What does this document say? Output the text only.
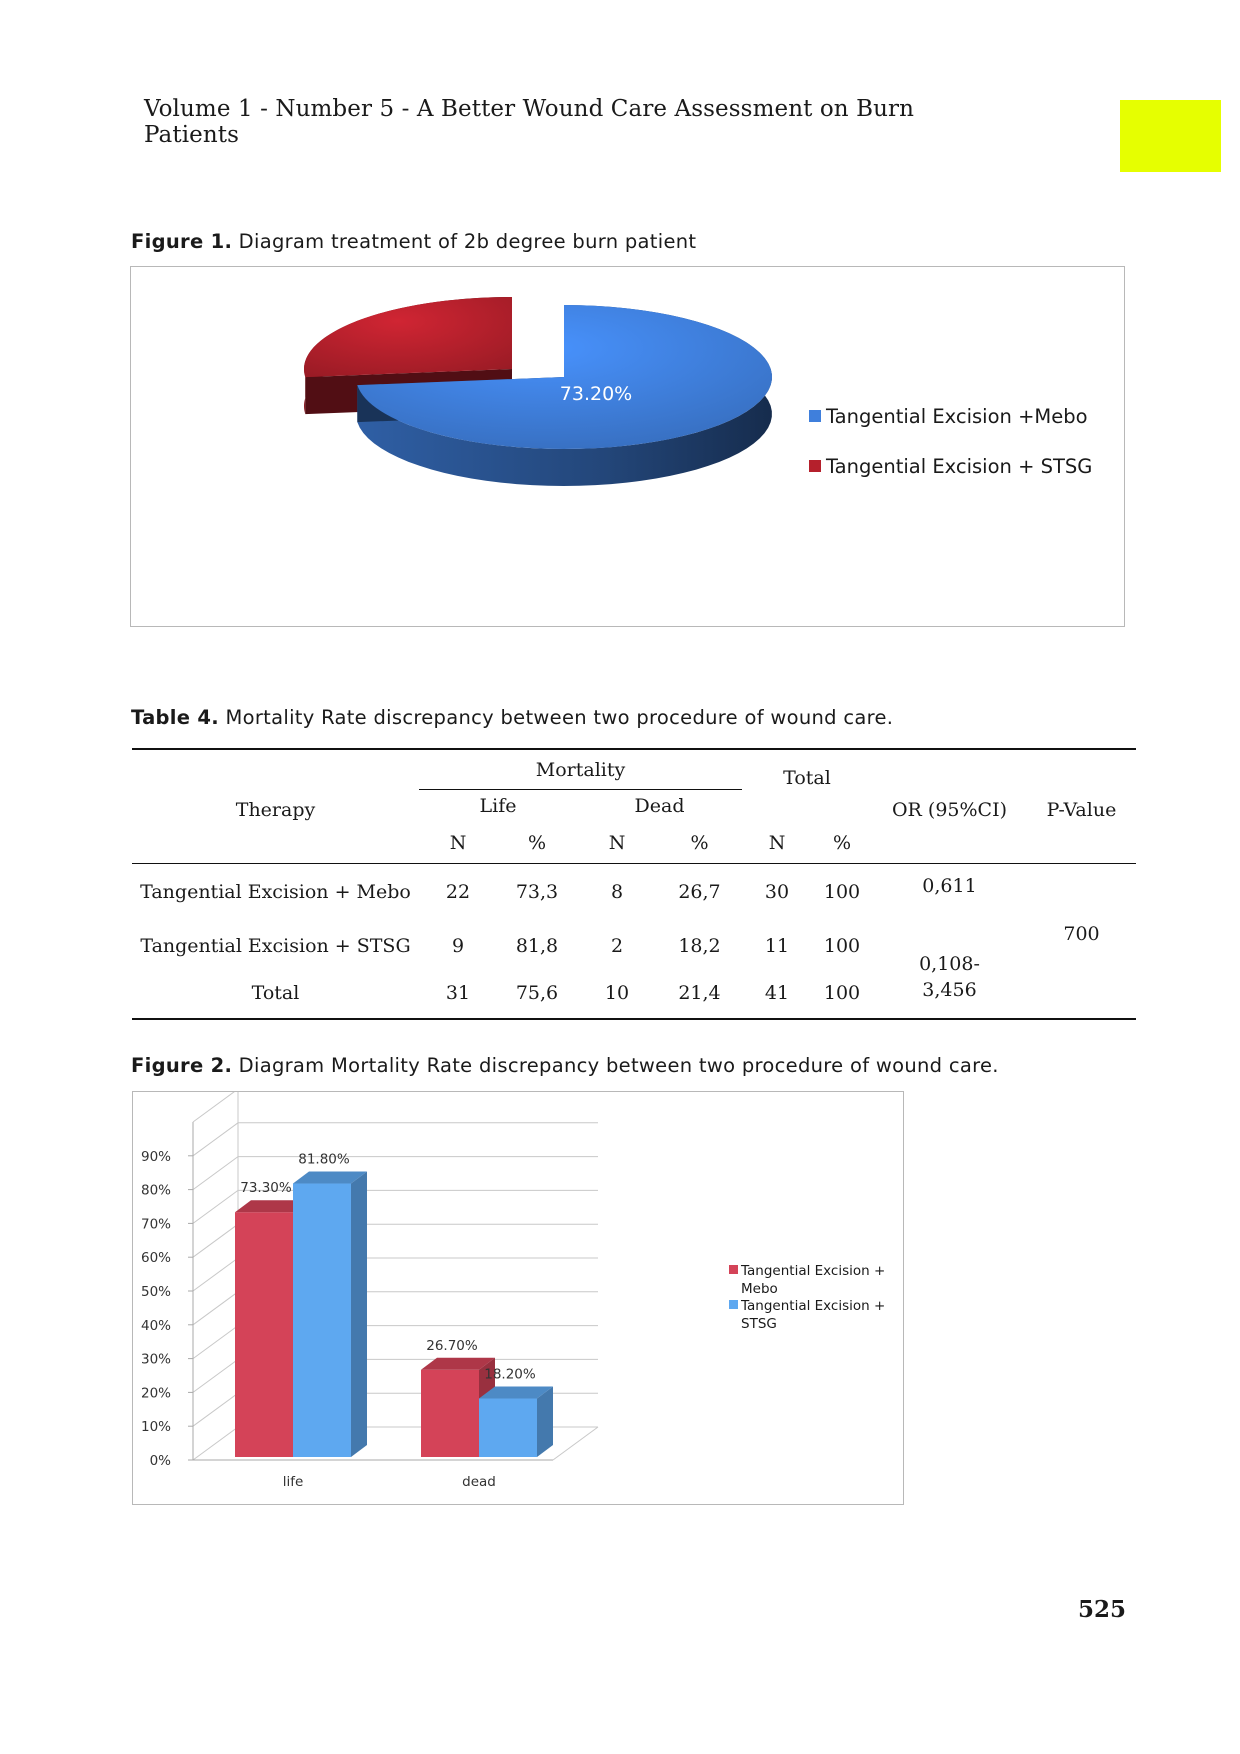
Volume 1 - Number 5 - A Better Wound Care Assessment on Burn Patients
Figure 1. Diagram treatment of 2b degree burn patient
73.20%
Tangential Excision +Mebo
Tangential Excision + STSG
Table 4. Mortality Rate discrepancy between two procedure of wound care.

Therapy	Mortality				Total		OR (95%CI)	P-Value
	Life		Dead					
	N	%	N	%	N	%		

Tangential Excision + Mebo	22	73,3	8	26,7	30	100	0,611	700
Tangential Excision + STSG	9	81,8	2	18,2	11	100	0,108-
3,456	

Total	31	75,6	10	21,4	41	100		

Figure 2. Diagram Mortality Rate discrepancy between two procedure of wound care.
0%
10%
20%
30%
40%
50%
60%
70%
80%
90%
73.30%
81.80%
life
26.70%
18.20%
dead
Tangential Excision + Mebo
Tangential Excision + STSG
525
